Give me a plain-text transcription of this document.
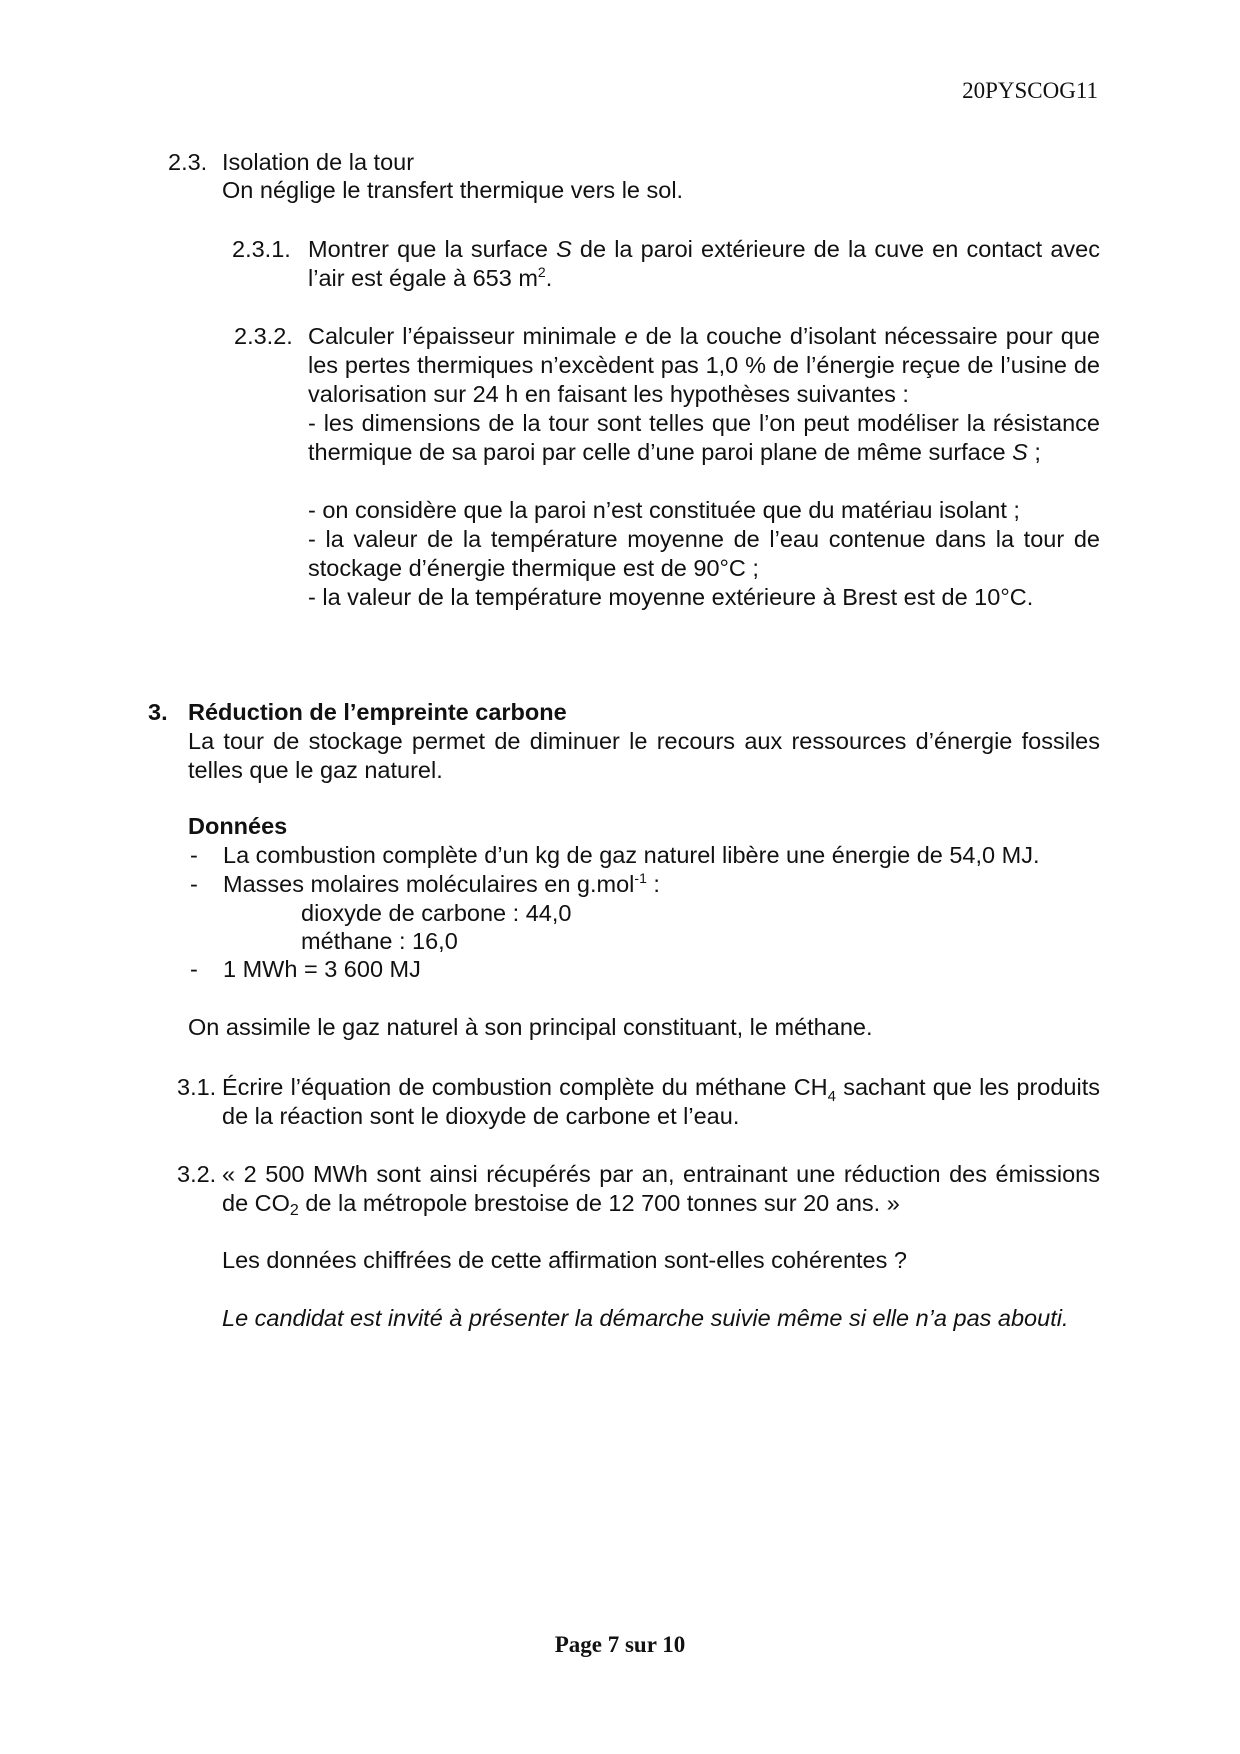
20PYSCOG11
2.3. Isolation de la tour
On néglige le transfert thermique vers le sol.
2.3.1. Montrer que la surface S de la paroi extérieure de la cuve en contact avec l’air est égale à 653 $m^2$.
2.3.2. Calculer l’épaisseur minimale e de la couche d’isolant nécessaire pour que les pertes thermiques n’excèdent pas 1,0 % de l’énergie reçue de l’usine de valorisation sur 24 h en faisant les hypothèses suivantes :
- les dimensions de la tour sont telles que l’on peut modéliser la résistance thermique de sa paroi par celle d’une paroi plane de même surface S ;
- on considère que la paroi n’est constituée que du matériau isolant ;
- la valeur de la température moyenne de l’eau contenue dans la tour de stockage d’énergie thermique est de 90°C ;
- la valeur de la température moyenne extérieure à Brest est de 10°C.
3. Réduction de l’empreinte carbone
La tour de stockage permet de diminuer le recours aux ressources d’énergie fossiles telles que le gaz naturel.
Données
- La combustion complète d’un kg de gaz naturel libère une énergie de 54,0 MJ.
- Masses molaires moléculaires en g.mol$^{-1}$ :
dioxyde de carbone : 44,0
méthane : 16,0
- 1 MWh = 3 600 MJ
On assimile le gaz naturel à son principal constituant, le méthane.
3.1. Écrire l’équation de combustion complète du méthane $CH_4$ sachant que les produits de la réaction sont le dioxyde de carbone et l’eau.
3.2. « 2 500 MWh sont ainsi récupérés par an, entrainant une réduction des émissions de CO2 de la métropole brestoise de 12 700 tonnes sur 20 ans. »
Les données chiffrées de cette affirmation sont-elles cohérentes ?
Le candidat est invité à présenter la démarche suivie même si elle n’a pas abouti.
Page 7 sur 10
